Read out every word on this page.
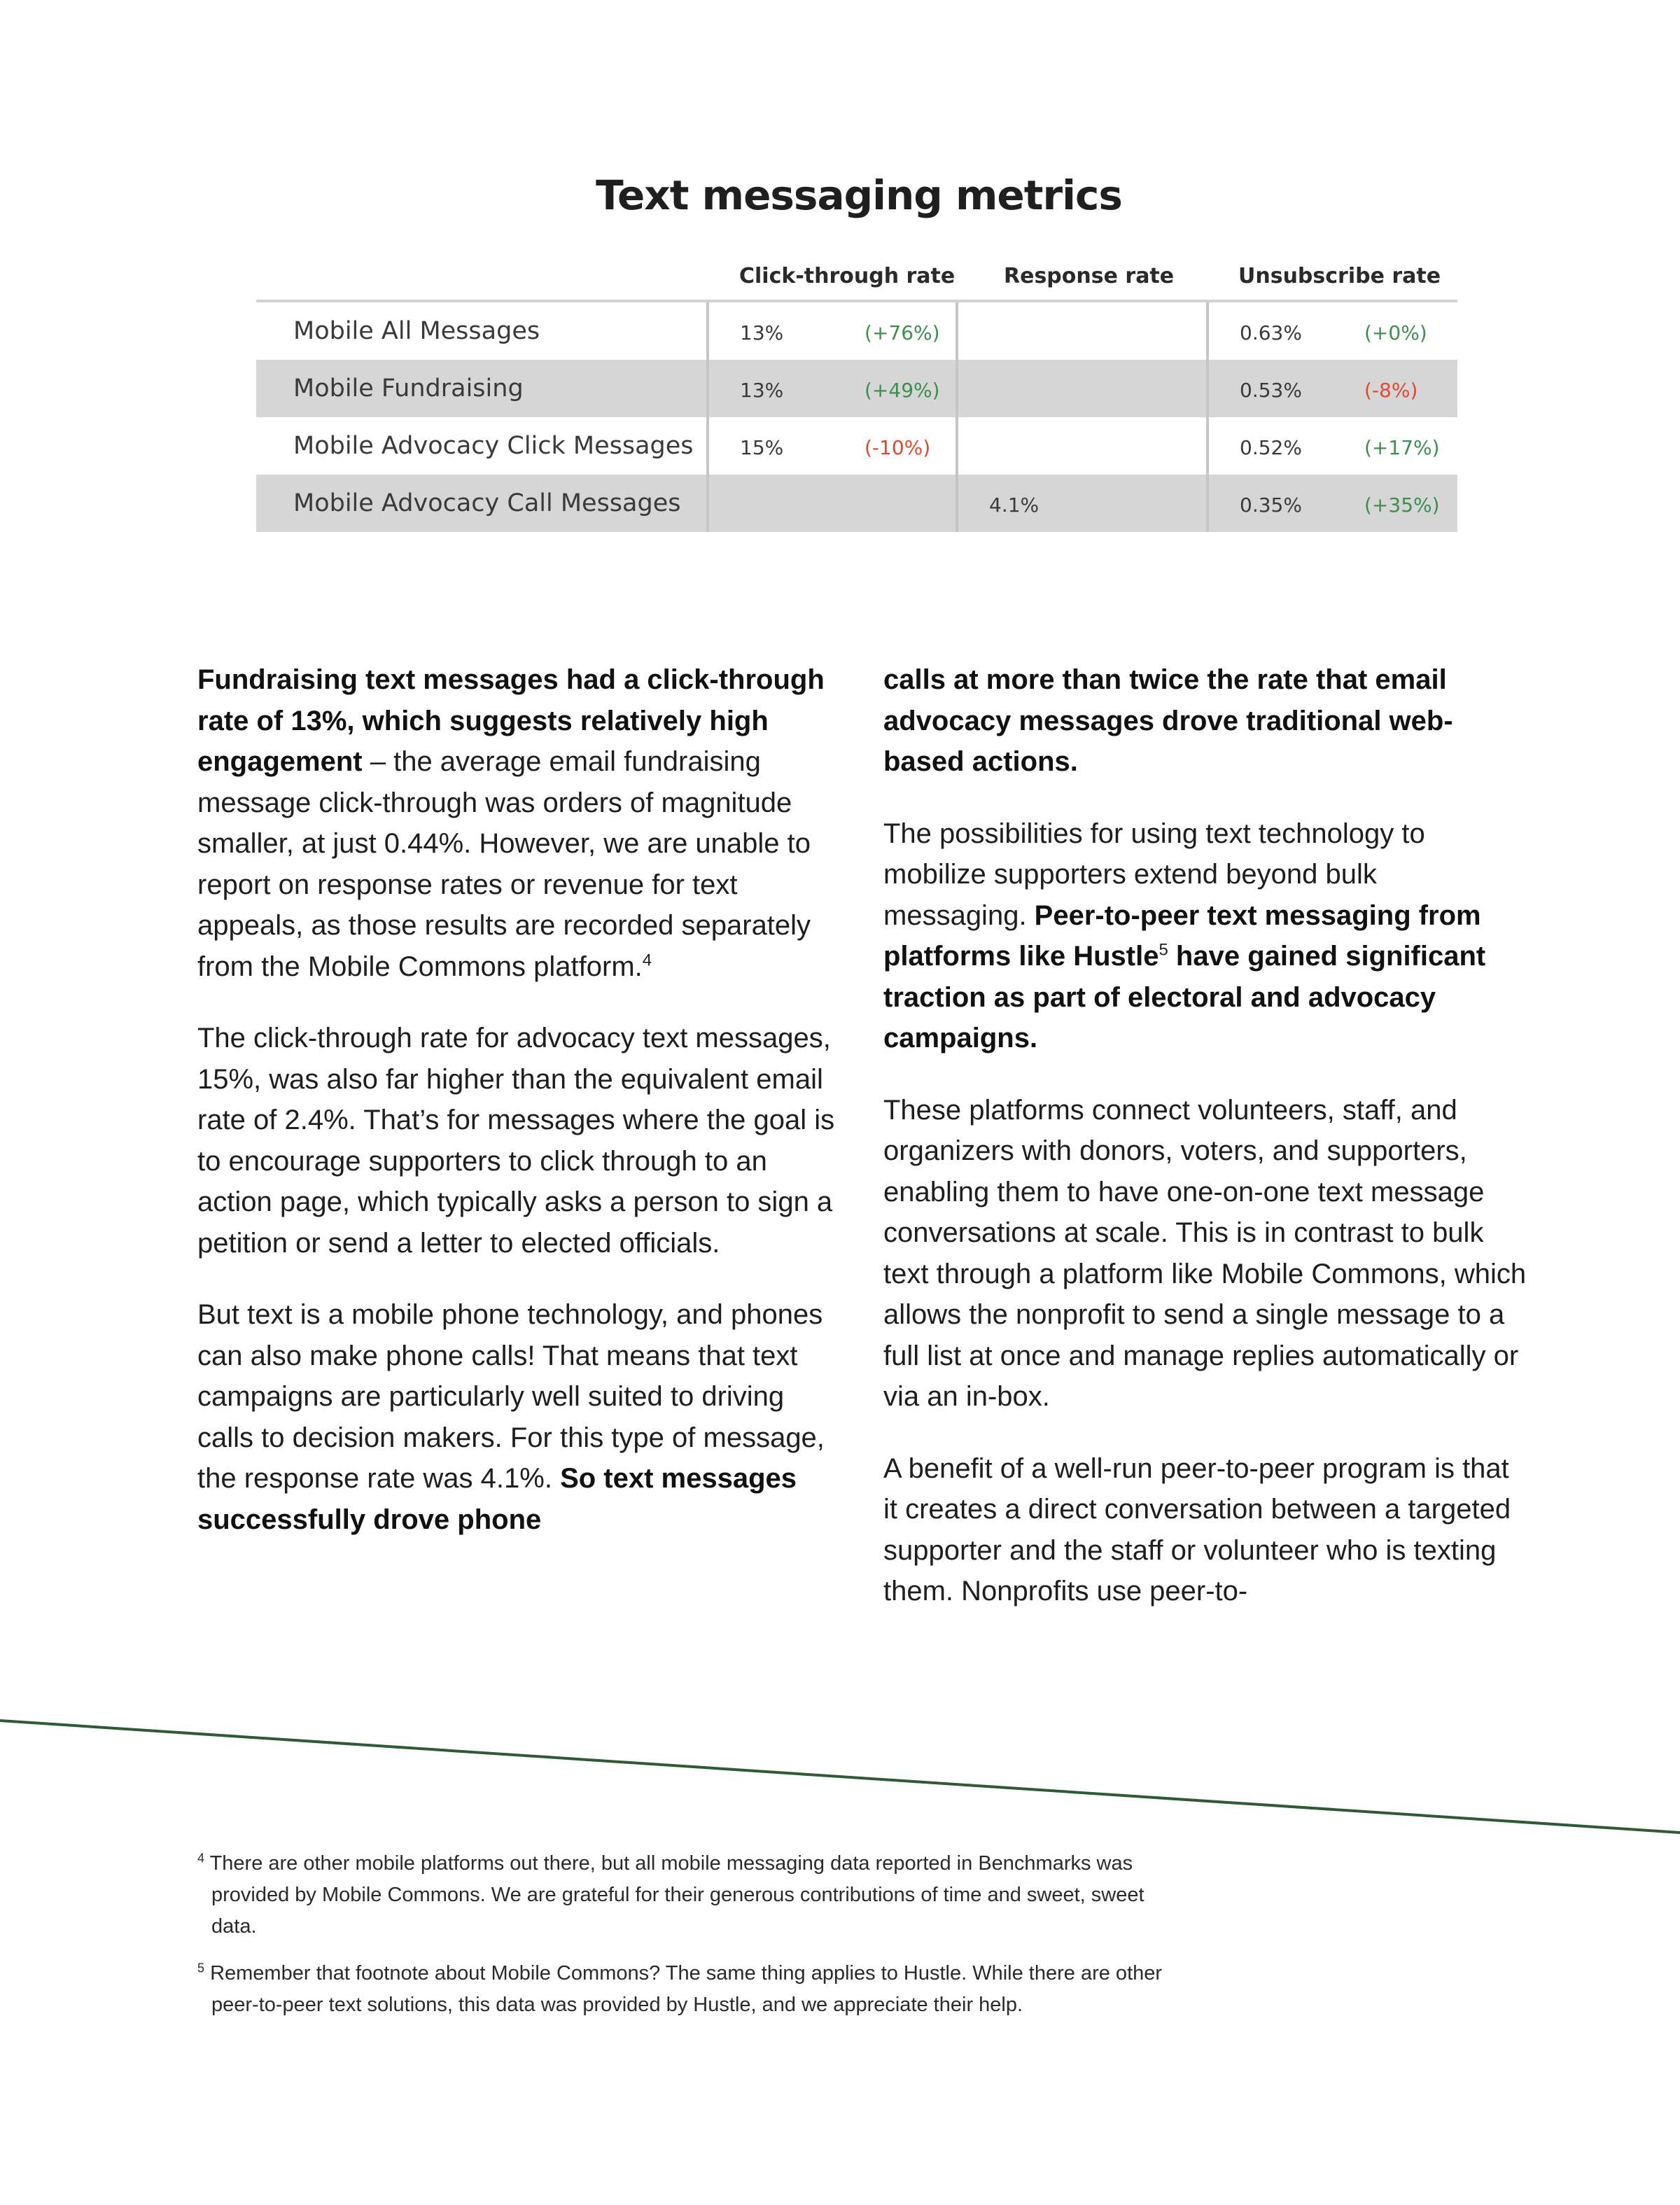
Text messaging metrics
	Click-through rate	Response rate	Unsubscribe rate
Mobile All Messages	13% (+76%)		0.63% (+0%)
Mobile Fundraising	13% (+49%)		0.53% (-8%)
Mobile Advocacy Click Messages	15% (-10%)		0.52% (+17%)
Mobile Advocacy Call Messages		4.1%	0.35% (+35%)

Fundraising text messages had a click-through rate of 13%, which suggests relatively high engagement – the average email fundraising message click-through was orders of magnitude smaller, at just 0.44%. However, we are unable to report on response rates or revenue for text appeals, as those results are recorded separately from the Mobile Commons platform.$^4$

The click-through rate for advocacy text messages, 15%, was also far higher than the equivalent email rate of 2.4%. That’s for messages where the goal is to encourage supporters to click through to an action page, which typically asks a person to sign a petition or send a letter to elected officials.

But text is a mobile phone technology, and phones can also make phone calls! That means that text campaigns are particularly well suited to driving calls to decision makers. For this type of message, the response rate was 4.1%. So text messages successfully drove phone

calls at more than twice the rate that email advocacy messages drove traditional web-based actions.

The possibilities for using text technology to mobilize supporters extend beyond bulk messaging. Peer-to-peer text messaging from platforms like Hustle$^5$ have gained significant traction as part of electoral and advocacy campaigns.

These platforms connect volunteers, staff, and organizers with donors, voters, and supporters, enabling them to have one-on-one text message conversations at scale. This is in contrast to bulk text through a platform like Mobile Commons, which allows the nonprofit to send a single message to a full list at once and manage replies automatically or via an in-box.

A benefit of a well-run peer-to-peer program is that it creates a direct conversation between a targeted supporter and the staff or volunteer who is texting them. Nonprofits use peer-to-

$^4$ There are other mobile platforms out there, but all mobile messaging data reported in Benchmarks was provided by Mobile Commons. We are grateful for their generous contributions of time and sweet, sweet data.

$^5$ Remember that footnote about Mobile Commons? The same thing applies to Hustle. While there are other peer-to-peer text solutions, this data was provided by Hustle, and we appreciate their help.
